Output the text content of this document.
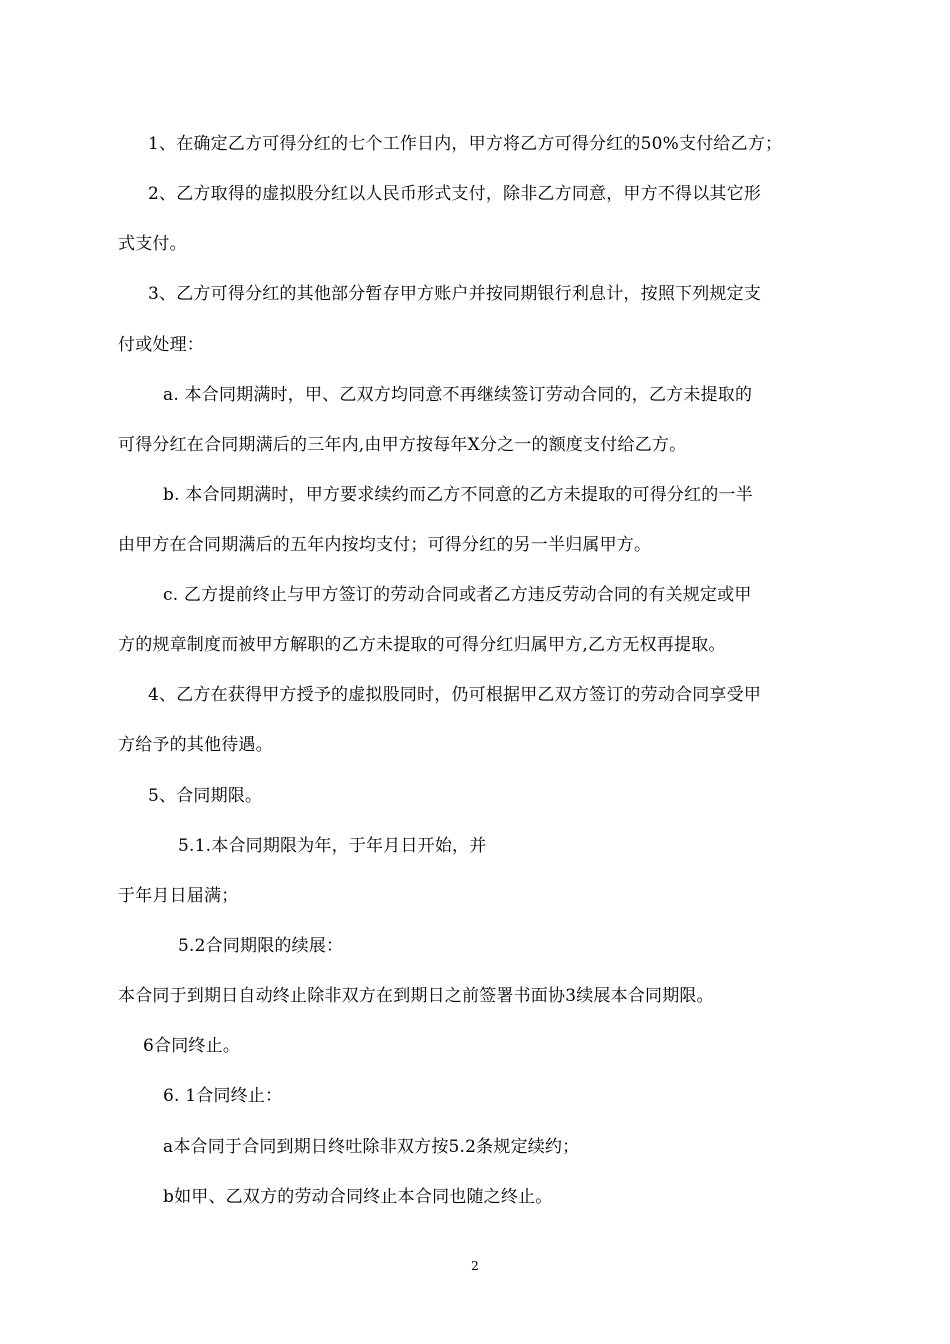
1、在确定乙方可得分红的七个工作日内，甲方将乙方可得分红的50%支付给乙方；
2、乙方取得的虚拟股分红以人民币形式支付，除非乙方同意，甲方不得以其它形
式支付。
3、乙方可得分红的其他部分暂存甲方账户并按同期银行利息计，按照下列规定支
付或处理：
a. 本合同期满时，甲、乙双方均同意不再继续签订劳动合同的，乙方未提取的
可得分红在合同期满后的三年内,由甲方按每年X分之一的额度支付给乙方。
b. 本合同期满时，甲方要求续约而乙方不同意的乙方未提取的可得分红的一半
由甲方在合同期满后的五年内按均支付；可得分红的另一半归属甲方。
c. 乙方提前终止与甲方签订的劳动合同或者乙方违反劳动合同的有关规定或甲
方的规章制度而被甲方解职的乙方未提取的可得分红归属甲方,乙方无权再提取。
4、乙方在获得甲方授予的虚拟股同时，仍可根据甲乙双方签订的劳动合同享受甲
方给予的其他待遇。
5、合同期限。
5.1.本合同期限为年，于年月日开始，并
于年月日届满；
5.2合同期限的续展：
本合同于到期日自动终止除非双方在到期日之前签署书面协3续展本合同期限。
6合同终止。
6. 1合同终止：
a本合同于合同到期日终吐除非双方按5.2条规定续约；
b如甲、乙双方的劳动合同终止本合同也随之终止。
2
